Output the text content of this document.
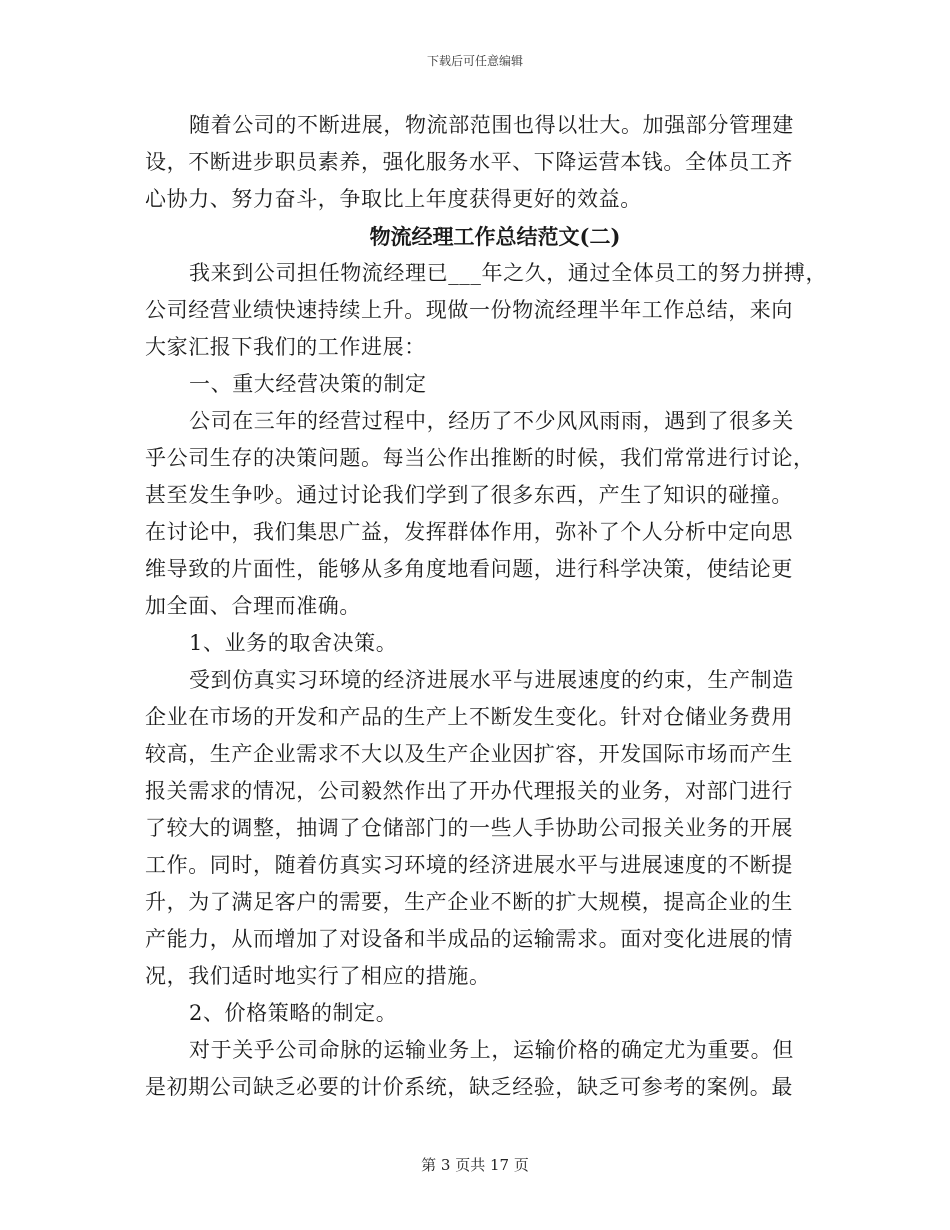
下载后可任意编辑
随着公司的不断进展，物流部范围也得以壮大。加强部分管理建
设，不断进步职员素养，强化服务水平、下降运营本钱。全体员工齐
心协力、努力奋斗，争取比上年度获得更好的效益。
物流经理工作总结范文(二)
我来到公司担任物流经理已___年之久，通过全体员工的努力拼搏，
公司经营业绩快速持续上升。现做一份物流经理半年工作总结，来向
大家汇报下我们的工作进展：
一、重大经营决策的制定
公司在三年的经营过程中，经历了不少风风雨雨，遇到了很多关
乎公司生存的决策问题。每当公作出推断的时候，我们常常进行讨论，
甚至发生争吵。通过讨论我们学到了很多东西，产生了知识的碰撞。
在讨论中，我们集思广益，发挥群体作用，弥补了个人分析中定向思
维导致的片面性，能够从多角度地看问题，进行科学决策，使结论更
加全面、合理而准确。
1、业务的取舍决策。
受到仿真实习环境的经济进展水平与进展速度的约束，生产制造
企业在市场的开发和产品的生产上不断发生变化。针对仓储业务费用
较高，生产企业需求不大以及生产企业因扩容，开发国际市场而产生
报关需求的情况，公司毅然作出了开办代理报关的业务，对部门进行
了较大的调整，抽调了仓储部门的一些人手协助公司报关业务的开展
工作。同时，随着仿真实习环境的经济进展水平与进展速度的不断提
升，为了满足客户的需要，生产企业不断的扩大规模，提高企业的生
产能力，从而增加了对设备和半成品的运输需求。面对变化进展的情
况，我们适时地实行了相应的措施。
2、价格策略的制定。
对于关乎公司命脉的运输业务上，运输价格的确定尤为重要。但
是初期公司缺乏必要的计价系统，缺乏经验，缺乏可参考的案例。最
第 3 页共 17 页
